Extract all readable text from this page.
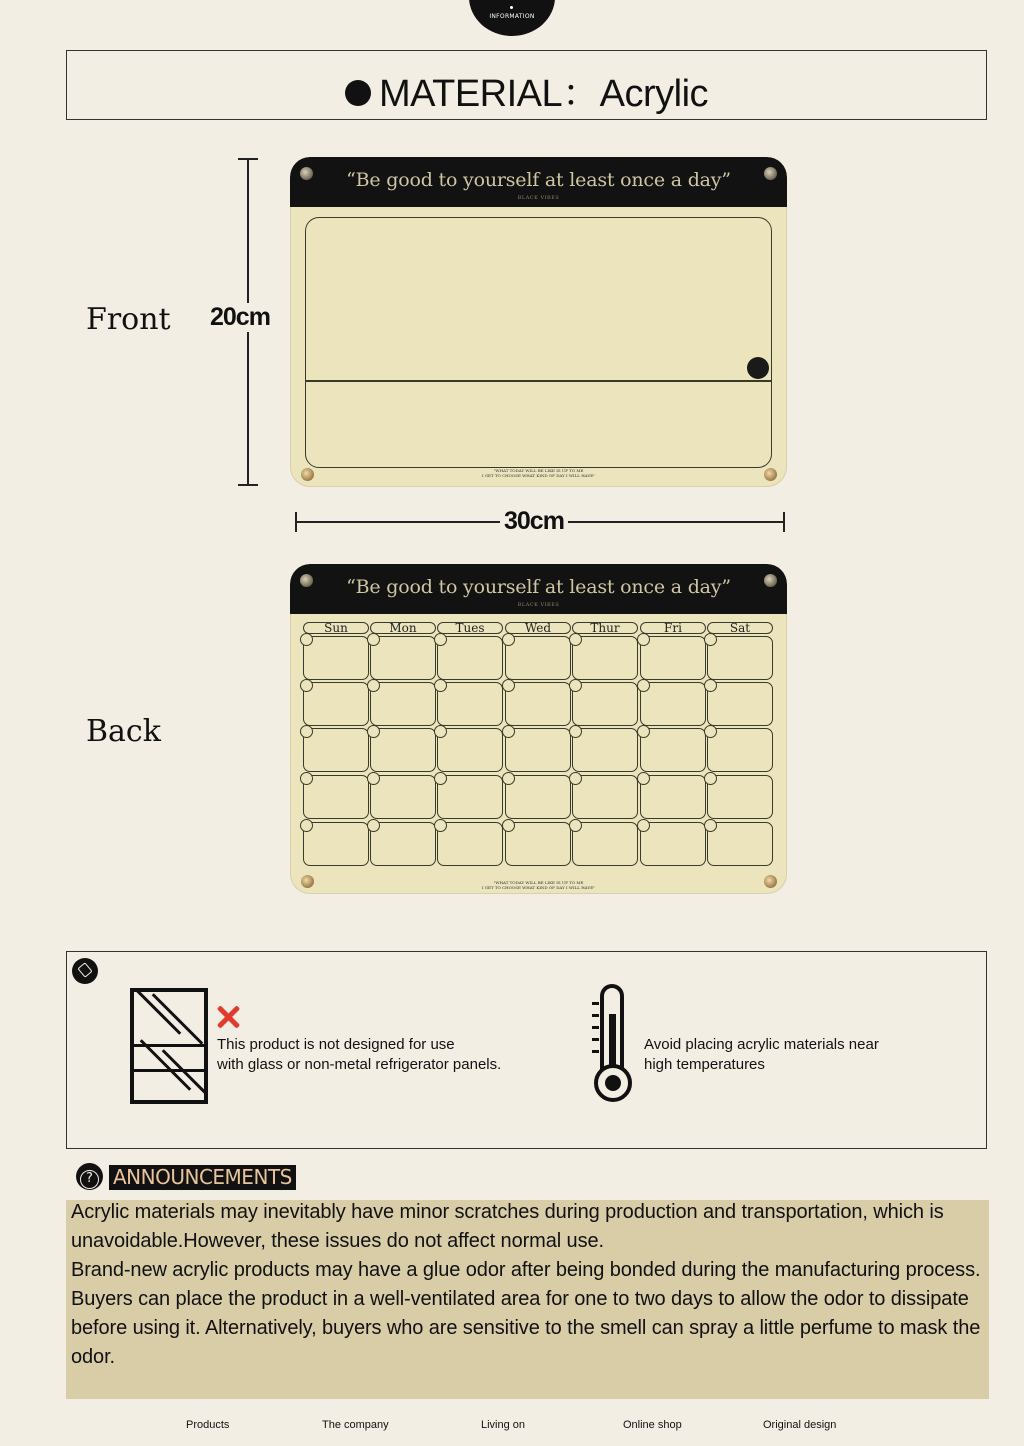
INFORMATION
MATERIAL：Acrylic
Front
Back
20cm
30cm
“Be good to yourself at least once a day”
BLACK VIBES
"WHAT TODAY WILL BE LIKE IS UP TO ME
I GET TO CHOOSE WHAT KIND OF DAY I WILL HAVE"
“Be good to yourself at least once a day”
BLACK VIBES
"WHAT TODAY WILL BE LIKE IS UP TO ME
I GET TO CHOOSE WHAT KIND OF DAY I WILL HAVE"
Sun	Mon	Tues	Wed	Thur	Fri	Sat
This product is not designed for use
with glass or non-metal refrigerator panels.
Avoid placing acrylic materials near
high temperatures
?	ANNOUNCEMENTS
Acrylic materials may inevitably have minor scratches during production and transportation, which is unavoidable.However, these issues do not affect normal use.
Brand-new acrylic products may have a glue odor after being bonded during the manufacturing process. Buyers can place the product in a well-ventilated area for one to two days to allow the odor to dissipate before using it. Alternatively, buyers who are sensitive to the smell can spray a little perfume to mask the odor.
Products	The company	Living on	Online shop	Original design
